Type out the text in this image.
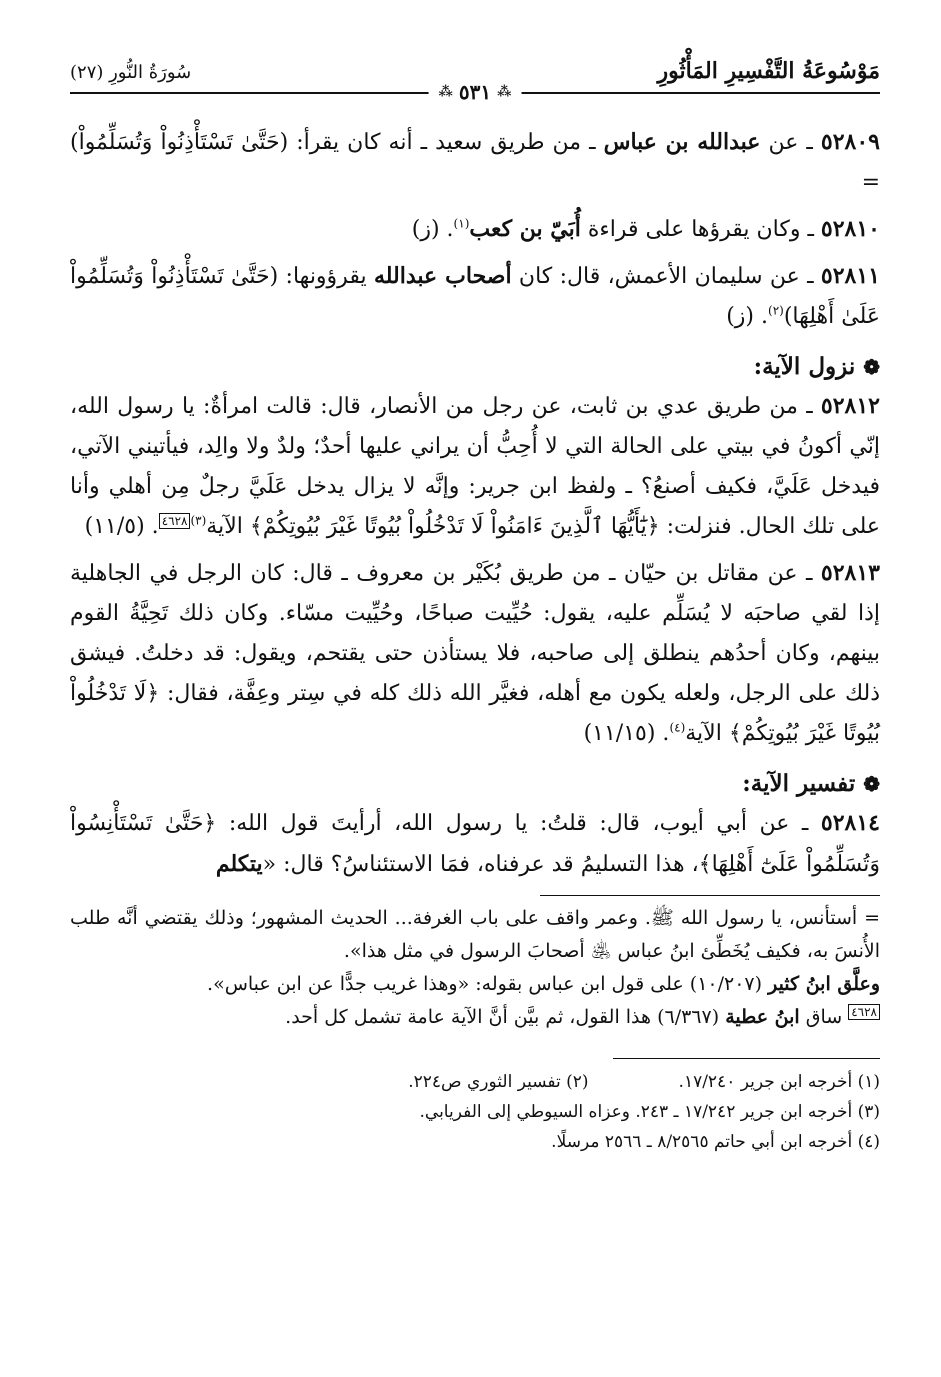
مَوْسُوعَةُ التَّفْسِيرِ المَأْثُورِ
⁂
٥٣١
⁂
سُورَةُ النُّورِ (٢٧)

٥٢٨٠٩ ـ عن عبدالله بن عباس ـ من طريق سعيد ـ أنه كان يقرأ: (حَتَّىٰ تَسْتَأْذِنُواْ وَتُسَلِّمُواْ) =

٥٢٨١٠ ـ وكان يقرؤها على قراءة أُبَيّ بن كعب$^{(١)}$. (ز)

٥٢٨١١ ـ عن سليمان الأعمش، قال: كان أصحاب عبدالله يقرؤونها: (حَتَّىٰ تَسْتَأْذِنُواْ وَتُسَلِّمُواْ عَلَىٰ أَهْلِهَا)$^{(٢)}$. (ز)

❁
نزول الآية:

٥٢٨١٢ ـ من طريق عدي بن ثابت، عن رجل من الأنصار، قال: قالت امرأةٌ: يا رسول الله، إنّي أكونُ في بيتي على الحالة التي لا أُحِبُّ أن يراني عليها أحدٌ؛ ولدٌ ولا والِد، فيأتيني الآتي، فيدخل عَلَيَّ، فكيف أصنعُ؟ ـ ولفظ ابن جرير: وإنَّه لا يزال يدخل عَلَيَّ رجلٌ مِن أهلي وأنا على تلك الحال. فنزلت: ﴿يَٰٓأَيُّهَا ٱلَّذِينَ ءَامَنُواْ لَا تَدْخُلُواْ بُيُوتًا غَيْرَ بُيُوتِكُمْ﴾ الآية$^{(٣)}$٤٦٢٨. (١١/٥)

٥٢٨١٣ ـ عن مقاتل بن حيّان ـ من طريق بُكَيْر بن معروف ـ قال: كان الرجل في الجاهلية إذا لقي صاحبَه لا يُسَلِّم عليه، يقول: حُيِّيت صباحًا، وحُيِّيت مسّاء. وكان ذلك تَحِيَّةُ القوم بينهم، وكان أحدُهم ينطلق إلى صاحبه، فلا يستأذن حتى يقتحم، ويقول: قد دخلتُ. فيشق ذلك على الرجل، ولعله يكون مع أهله، فغيَّر الله ذلك كله في سِتر وعِفَّة، فقال: ﴿لَا تَدْخُلُواْ بُيُوتًا غَيْرَ بُيُوتِكُمْ﴾ الآية$^{(٤)}$. (١١/١٥)

❁
تفسير الآية:

٥٢٨١٤ ـ عن أبي أيوب، قال: قلتُ: يا رسول الله، أرأيتَ قول الله: ﴿حَتَّىٰ تَسْتَأْنِسُواْ وَتُسَلِّمُواْ عَلَىٰٓ أَهْلِهَا﴾، هذا التسليمُ قد عرفناه، فمَا الاستئناسُ؟ قال: «يتكلم

= أستأنس، يا رسول الله ﷺ. وعمر واقف على باب الغرفة... الحديث المشهور؛ وذلك يقتضي أنَّه طلب الأُنسَ به، فكيف يُخَطِّئ ابنُ عباس ﵁ أصحابَ الرسول في مثل هذا».

وعلَّق ابنُ كثير (١٠/٢٠٧) على قول ابن عباس بقوله: «وهذا غريب جدًّا عن ابن عباس».

٤٦٢٨ ساق ابنُ عطية (٦/٣٦٧) هذا القول، ثم بيَّن أنَّ الآية عامة تشمل كل أحد.

(١) أخرجه ابن جرير ١٧/٢٤٠.

(٢) تفسير الثوري ص٢٢٤.

(٣) أخرجه ابن جرير ١٧/٢٤٢ ـ ٢٤٣. وعزاه السيوطي إلى الفريابي.

(٤) أخرجه ابن أبي حاتم ٨/٢٥٦٥ ـ ٢٥٦٦ مرسلًا.
